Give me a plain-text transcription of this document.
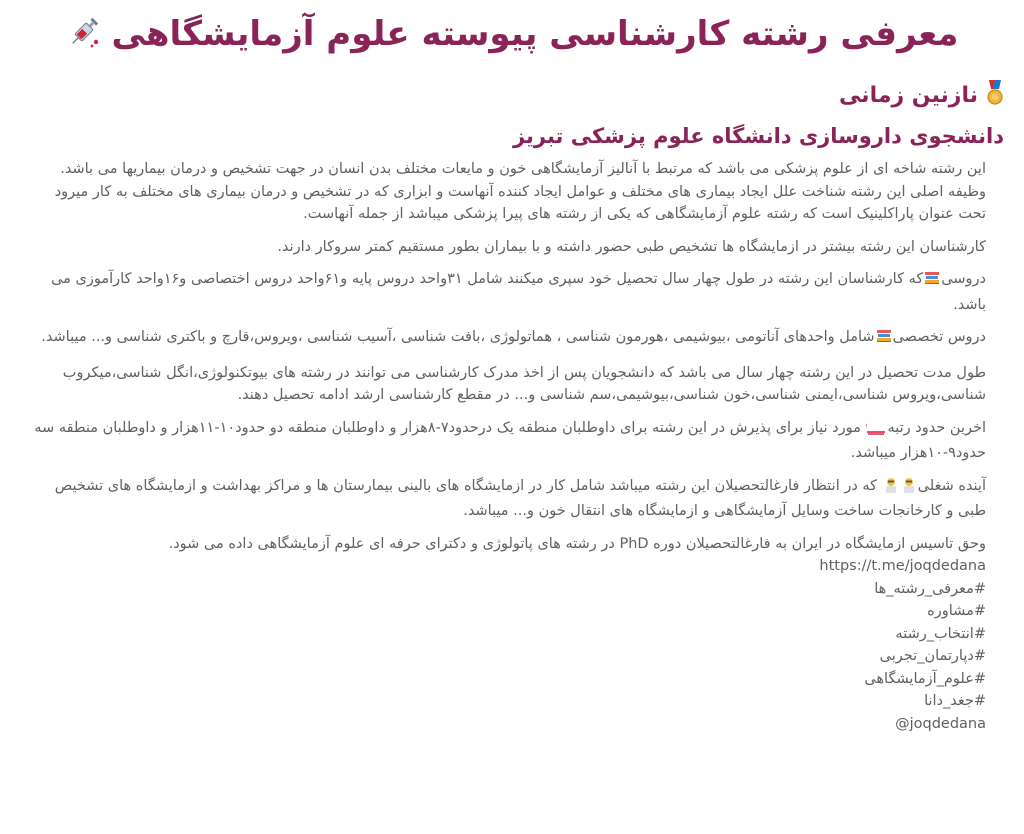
معرفی رشته کارشناسی پیوسته علوم آزمایشگاهی
نازنین زمانی
دانشجوی داروسازی دانشگاه علوم پزشکی تبریز

این رشته شاخه ای از علوم پزشکی می باشد که مرتبط با آنالیز آزمایشگاهی خون و مایعات مختلف بدن انسان در جهت تشخیص و درمان بیماریها می باشد.

وظیفه اصلی این رشته شناخت علل ایجاد بیماری های مختلف و عوامل ایجاد کننده آنهاست و ابزاری که در تشخیص و درمان بیماری های مختلف به کار میرود تحت عنوان پاراکلینیک است که رشته علوم آزمایشگاهی که یکی از رشته های پیرا پزشکی میباشد از جمله آنهاست.

کارشناسان این رشته بیشتر در ازمایشگاه ها تشخیص طبی حضور داشته و با بیماران بطور مستقیم کمتر سروکار دارند.

دروسیکه کارشناسان این رشته در طول چهار سال تحصیل خود سپری میکنند شامل ۳۱واحد دروس پایه و۶۱واحد دروس اختصاصی و۱۶واحد کارآموزی می باشد.

دروس تخصصیشامل واحدهای آناتومی ،بیوشیمی ،هورمون شناسی ، هماتولوژی ،بافت شناسی ،آسیب شناسی ،ویروس،قارچ و باکتری شناسی و... میباشد.

طول مدت تحصیل در این رشته چهار سال می باشد که دانشجویان پس از اخذ مدرک کارشناسی می توانند در رشته های بیوتکنولوژی،انگل شناسی،میکروب شناسی،ویروس شناسی،ایمنی شناسی،خون شناسی،بیوشیمی،سم شناسی و... در مقطع کارشناسی ارشد ادامه تحصیل دهند.

اخرین حدود رتبه
مورد نیاز برای پذیرش در این رشته برای داوطلبان منطقه یک درحدود۷-۸هزار و داوطلبان منطقه دو حدود۱۰-۱۱هزار و داوطلبان منطقه سه حدود۹-۱۰هزار میباشد.

آینده شغلی که در انتظار فارغالتحصیلان این رشته میباشد شامل کار در ازمایشگاه های بالینی بیمارستان ها و مراکز بهداشت و ازمایشگاه های تشخیص طبی و کارخانجات ساخت وسایل آزمایشگاهی و ازمایشگاه های انتقال خون و... میباشد.

وحق تاسیس ازمایشگاه در ایران به فارغالتحصیلان دوره PhD در رشته های پاتولوژی و دکترای حرفه ای علوم آزمایشگاهی داده می شود.
https://t.me/joqdedana
#معرفی_رشته_ها
#مشاوره
#انتخاب_رشته
#دپارتمان_تجربی
#علوم_آزمایشگاهی
#جغد_دانا
joqdedana@
